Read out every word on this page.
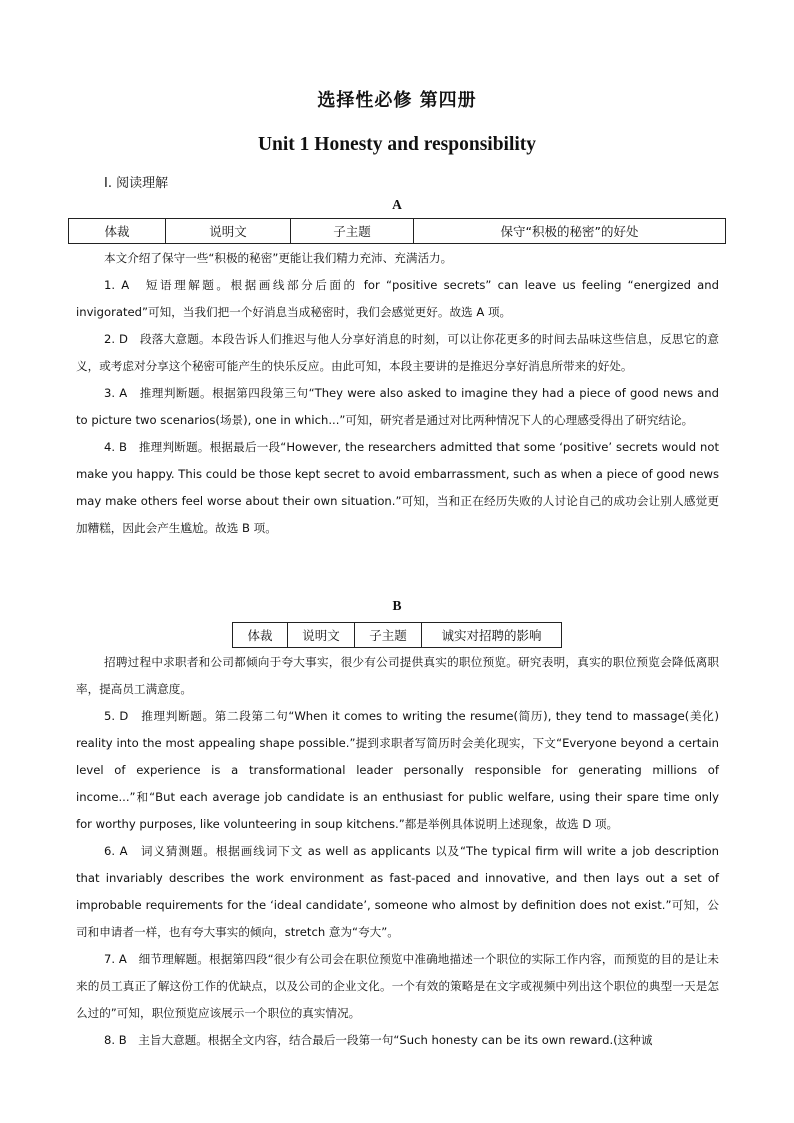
选择性必修 第四册
Unit 1 Honesty and responsibility
Ⅰ. 阅读理解
A
体裁	说明文	子主题	保守“积极的秘密”的好处

本文介绍了保守一些“积极的秘密”更能让我们精力充沛、充满活力。

1. A　短语理解题。根据画线部分后面的 for “positive secrets” can leave us feeling “energized and invigorated”可知，当我们把一个好消息当成秘密时，我们会感觉更好。故选 A 项。

2. D　段落大意题。本段告诉人们推迟与他人分享好消息的时刻，可以让你花更多的时间去品味这些信息，反思它的意义，或考虑对分享这个秘密可能产生的快乐反应。由此可知，本段主要讲的是推迟分享好消息所带来的好处。

3. A　推理判断题。根据第四段第三句“They were also asked to imagine they had a piece of good news and to picture two scenarios(场景), one in which...”可知，研究者是通过对比两种情况下人的心理感受得出了研究结论。

4. B　推理判断题。根据最后一段“However, the researchers admitted that some ‘positive’ secrets would not make you happy. This could be those kept secret to avoid embarrassment, such as when a piece of good news may make others feel worse about their own situation.”可知，当和正在经历失败的人讨论自己的成功会让别人感觉更加糟糕，因此会产生尴尬。故选 B 项。

B
体裁	说明文	子主题	诚实对招聘的影响

招聘过程中求职者和公司都倾向于夸大事实，很少有公司提供真实的职位预览。研究表明，真实的职位预览会降低离职率，提高员工满意度。

5. D　推理判断题。第二段第二句“When it comes to writing the resume(简历), they tend to massage(美化) reality into the most appealing shape possible.”提到求职者写简历时会美化现实，下文“Everyone beyond a certain level of experience is a transformational leader personally responsible for generating millions of income...”和“But each average job candidate is an enthusiast for public welfare, using their spare time only for worthy purposes, like volunteering in soup kitchens.”都是举例具体说明上述现象，故选 D 项。

6. A　词义猜测题。根据画线词下文 as well as applicants 以及“The typical firm will write a job description that invariably describes the work environment as fast-paced and innovative, and then lays out a set of improbable requirements for the ‘ideal candidate’, someone who almost by definition does not exist.”可知，公司和申请者一样，也有夸大事实的倾向，stretch 意为“夸大”。

7. A　细节理解题。根据第四段“很少有公司会在职位预览中准确地描述一个职位的实际工作内容，而预览的目的是让未来的员工真正了解这份工作的优缺点，以及公司的企业文化。一个有效的策略是在文字或视频中列出这个职位的典型一天是怎么过的”可知，职位预览应该展示一个职位的真实情况。

8. B　主旨大意题。根据全文内容，结合最后一段第一句“Such honesty can be its own reward.(这种诚
